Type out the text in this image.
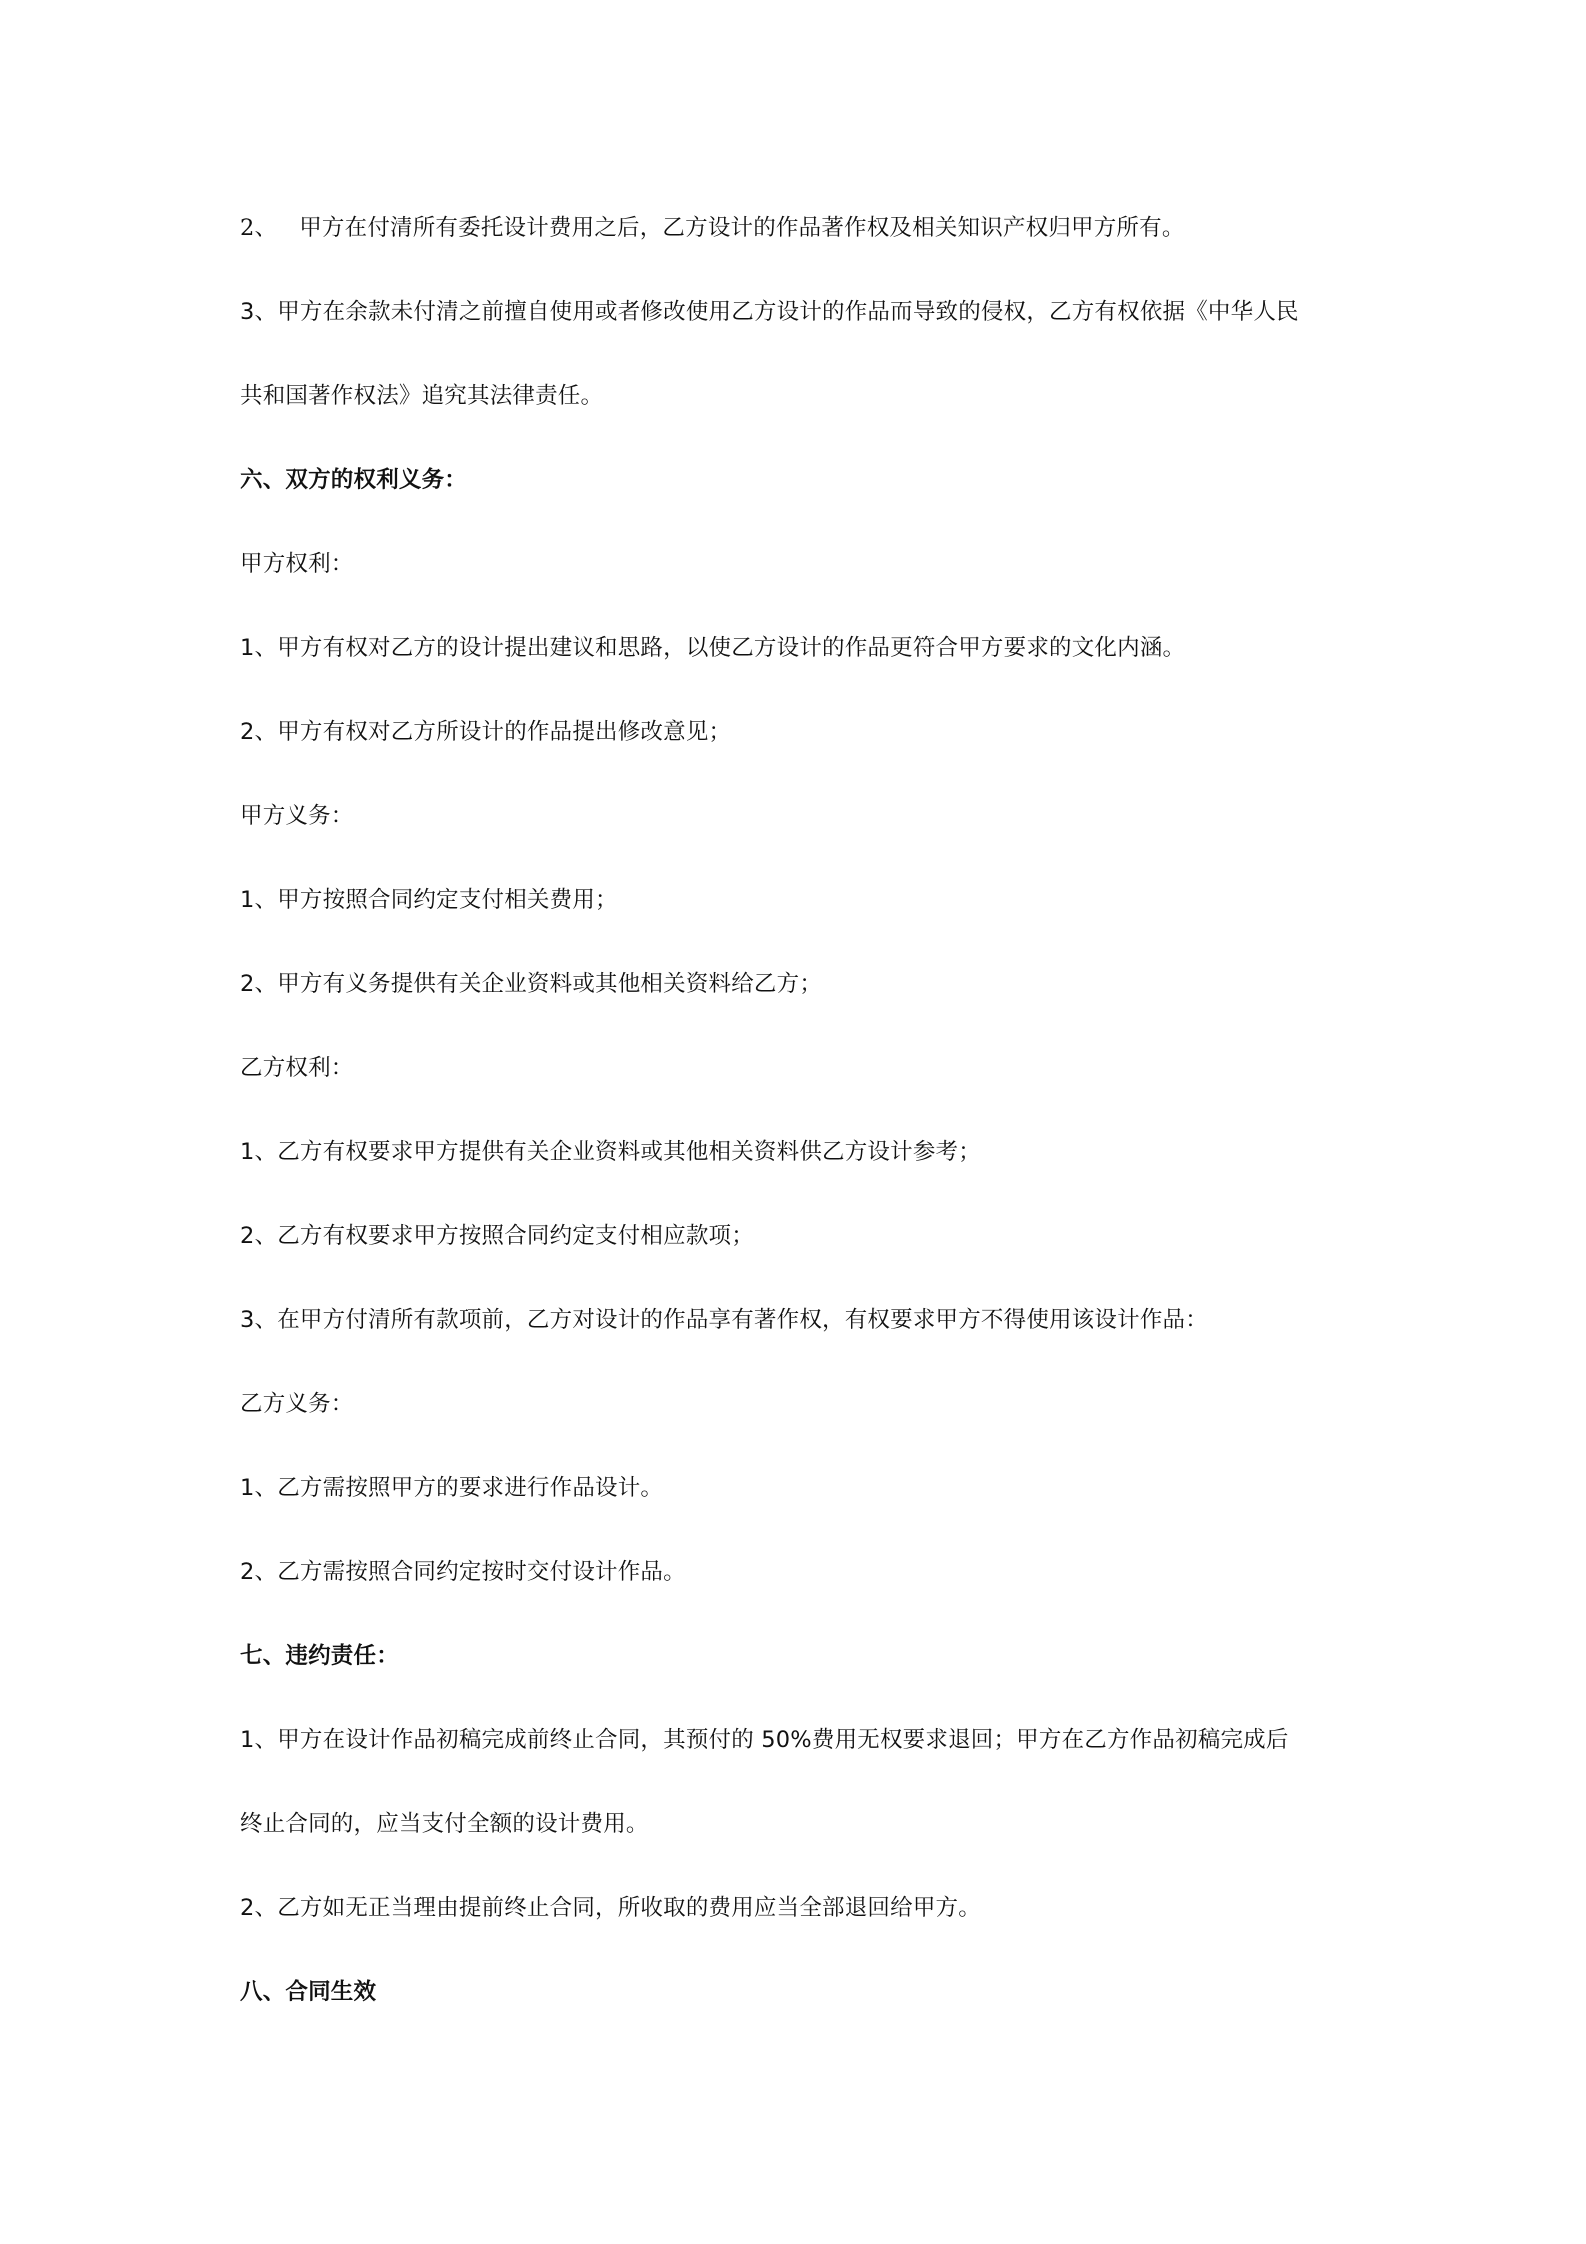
2、 甲方在付清所有委托设计费用之后，乙方设计的作品著作权及相关知识产权归甲方所有。
3、甲方在余款未付清之前擅自使用或者修改使用乙方设计的作品而导致的侵权，乙方有权依据《中华人民
共和国著作权法》追究其法律责任。
六、双方的权利义务：
甲方权利：
1、甲方有权对乙方的设计提出建议和思路，以使乙方设计的作品更符合甲方要求的文化内涵。
2、甲方有权对乙方所设计的作品提出修改意见；
甲方义务：
1、甲方按照合同约定支付相关费用；
2、甲方有义务提供有关企业资料或其他相关资料给乙方；
乙方权利：
1、乙方有权要求甲方提供有关企业资料或其他相关资料供乙方设计参考；
2、乙方有权要求甲方按照合同约定支付相应款项；
3、在甲方付清所有款项前，乙方对设计的作品享有著作权，有权要求甲方不得使用该设计作品：
乙方义务：
1、乙方需按照甲方的要求进行作品设计。
2、乙方需按照合同约定按时交付设计作品。
七、违约责任：
1、甲方在设计作品初稿完成前终止合同，其预付的 50%费用无权要求退回；甲方在乙方作品初稿完成后
终止合同的，应当支付全额的设计费用。
2、乙方如无正当理由提前终止合同，所收取的费用应当全部退回给甲方。
八、合同生效
